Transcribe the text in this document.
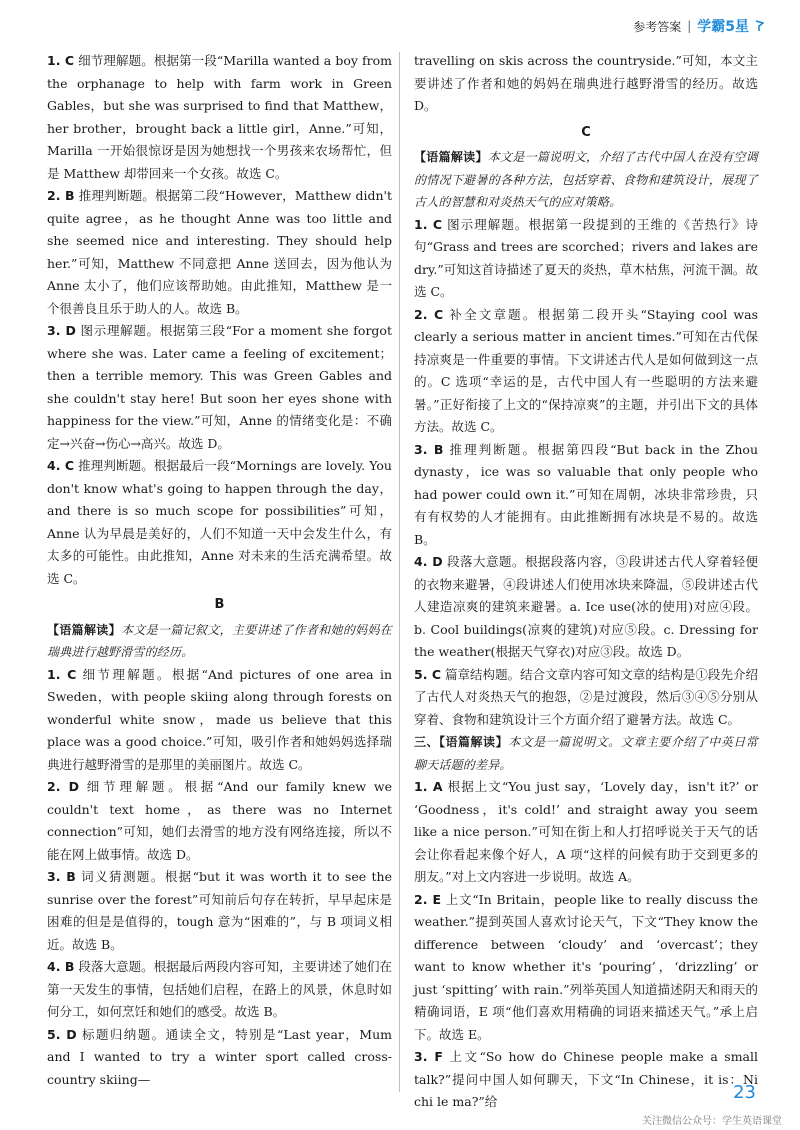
参考答案 | 学霸5星

1. C 细节理解题。根据第一段“Marilla wanted a boy from the orphanage to help with farm work in Green Gables，but she was surprised to find that Matthew，her brother，brought back a little girl，Anne.”可知，Marilla 一开始很惊讶是因为她想找一个男孩来农场帮忙，但是 Matthew 却带回来一个女孩。故选 C。

2. B 推理判断题。根据第二段“However，Matthew didn't quite agree，as he thought Anne was too little and she seemed nice and interesting. They should help her.”可知，Matthew 不同意把 Anne 送回去，因为他认为 Anne 太小了，他们应该帮助她。由此推知，Matthew 是一个很善良且乐于助人的人。故选 B。

3. D 图示理解题。根据第三段“For a moment she forgot where she was. Later came a feeling of excitement；then a terrible memory. This was Green Gables and she couldn't stay here! But soon her eyes shone with happiness for the view.”可知，Anne 的情绪变化是：不确定→兴奋→伤心→高兴。故选 D。

4. C 推理判断题。根据最后一段“Mornings are lovely. You don't know what's going to happen through the day，and there is so much scope for possibilities”可知，Anne 认为早晨是美好的，人们不知道一天中会发生什么，有太多的可能性。由此推知，Anne 对未来的生活充满希望。故选 C。

B

【语篇解读】本文是一篇记叙文，主要讲述了作者和她的妈妈在瑞典进行越野滑雪的经历。

1. C 细节理解题。根据“And pictures of one area in Sweden，with people skiing along through forests on wonderful white snow，made us believe that this place was a good choice.”可知，吸引作者和她妈妈选择瑞典进行越野滑雪的是那里的美丽图片。故选 C。

2. D 细节理解题。根据“And our family knew we couldn't text home，as there was no Internet connection”可知，她们去滑雪的地方没有网络连接，所以不能在网上做事情。故选 D。

3. B 词义猜测题。根据“but it was worth it to see the sunrise over the forest”可知前后句存在转折，早早起床是困难的但是是值得的，tough 意为“困难的”，与 B 项词义相近。故选 B。

4. B 段落大意题。根据最后两段内容可知，主要讲述了她们在第一天发生的事情，包括她们启程，在路上的风景，休息时如何分工，如何烹饪和她们的感受。故选 B。

5. D 标题归纳题。通读全文，特别是“Last year，Mum and I wanted to try a winter sport called cross-country skiing—

travelling on skis across the countryside.”可知，本文主要讲述了作者和她的妈妈在瑞典进行越野滑雪的经历。故选 D。

C

【语篇解读】本文是一篇说明文，介绍了古代中国人在没有空调的情况下避暑的各种方法，包括穿着、食物和建筑设计，展现了古人的智慧和对炎热天气的应对策略。

1. C 图示理解题。根据第一段提到的王维的《苦热行》诗句“Grass and trees are scorched；rivers and lakes are dry.”可知这首诗描述了夏天的炎热，草木枯焦，河流干涸。故选 C。

2. C 补全文章题。根据第二段开头“Staying cool was clearly a serious matter in ancient times.”可知在古代保持凉爽是一件重要的事情。下文讲述古代人是如何做到这一点的。C 选项“幸运的是，古代中国人有一些聪明的方法来避暑。”正好衔接了上文的“保持凉爽”的主题，并引出下文的具体方法。故选 C。

3. B 推理判断题。根据第四段“But back in the Zhou dynasty，ice was so valuable that only people who had power could own it.”可知在周朝，冰块非常珍贵，只有有权势的人才能拥有。由此推断拥有冰块是不易的。故选 B。

4. D 段落大意题。根据段落内容，③段讲述古代人穿着轻便的衣物来避暑，④段讲述人们使用冰块来降温，⑤段讲述古代人建造凉爽的建筑来避暑。a. Ice use(冰的使用)对应④段。b. Cool buildings(凉爽的建筑)对应⑤段。c. Dressing for the weather(根据天气穿衣)对应③段。故选 D。

5. C 篇章结构题。结合文章内容可知文章的结构是①段先介绍了古代人对炎热天气的抱怨，②是过渡段，然后③④⑤分别从穿着、食物和建筑设计三个方面介绍了避暑方法。故选 C。

三、【语篇解读】本文是一篇说明文。文章主要介绍了中英日常聊天话题的差异。

1. A 根据上文“You just say，‘Lovely day，isn't it?’ or ‘Goodness，it's cold!’ and straight away you seem like a nice person.”可知在街上和人打招呼说关于天气的话会让你看起来像个好人，A 项“这样的问候有助于交到更多的朋友。”对上文内容进一步说明。故选 A。

2. E 上文“In Britain，people like to really discuss the weather.”提到英国人喜欢讨论天气，下文“They know the difference between ‘cloudy’ and ‘overcast’；they want to know whether it's ‘pouring’，‘drizzling’ or just ‘spitting’ with rain.”列举英国人知道描述阴天和雨天的精确词语，E 项“他们喜欢用精确的词语来描述天气。”承上启下。故选 E。

3. F 上文“So how do Chinese people make a small talk?”提问中国人如何聊天，下文“In Chinese，it is：Ni chi le ma?”给	23
关注微信公众号：学生英语课堂
